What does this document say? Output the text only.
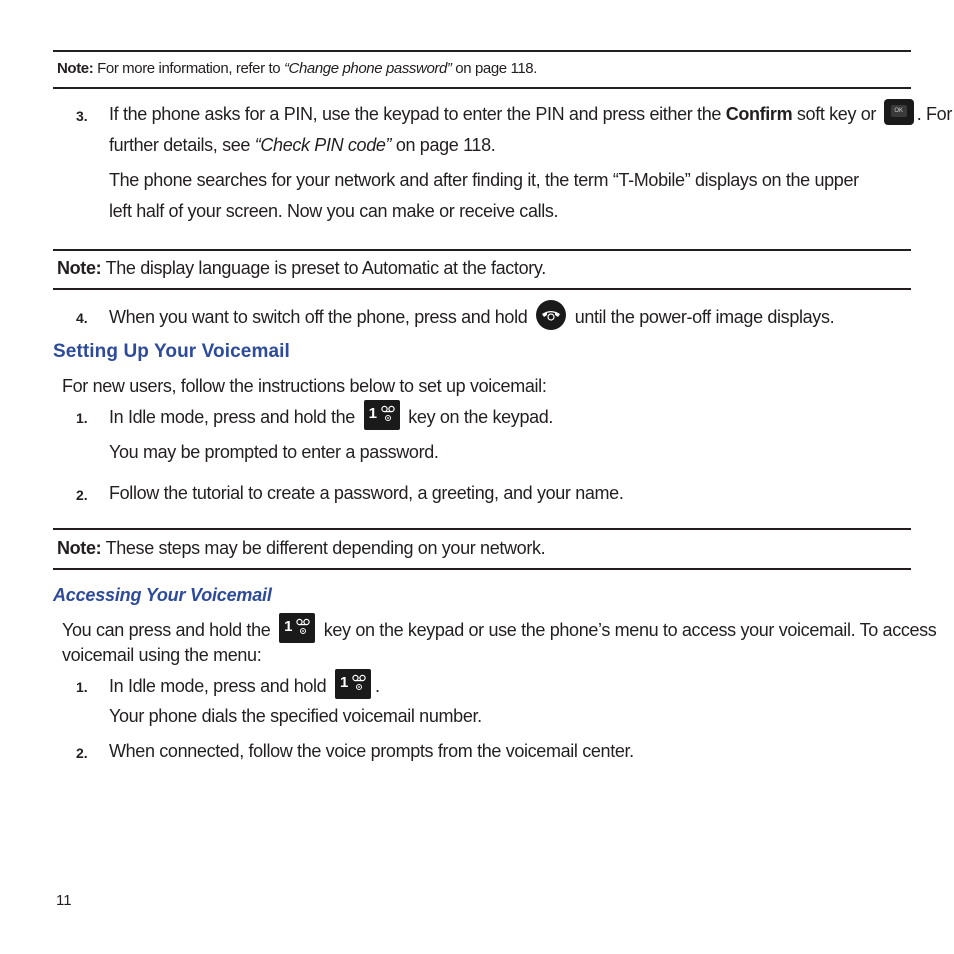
Note: For more information, refer to “Change phone password” on page 118.
3. If the phone asks for a PIN, use the keypad to enter the PIN and press either the Confirm soft key or	OK . For
further details, see “Check PIN code” on page 118.
The phone searches for your network and after finding it, the term “T-Mobile” displays on the upper
left half of your screen. Now you can make or receive calls.
Note: The display language is preset to Automatic at the factory.
4. When you want to switch off the phone, press and hold
until the power-off image displays.
Setting Up Your Voicemail
For new users, follow the instructions below to set up voicemail:
1. In Idle mode, press and hold the 1 key on the keypad.
You may be prompted to enter a password.
2. Follow the tutorial to create a password, a greeting, and your name.
Note: These steps may be different depending on your network.
Accessing Your Voicemail
You can press and hold the 1 key on the keypad or use the phone’s menu to access your voicemail. To access
voicemail using the menu:
1. In Idle mode, press and hold 1 .
Your phone dials the specified voicemail number.
2. When connected, follow the voice prompts from the voicemail center.
11
